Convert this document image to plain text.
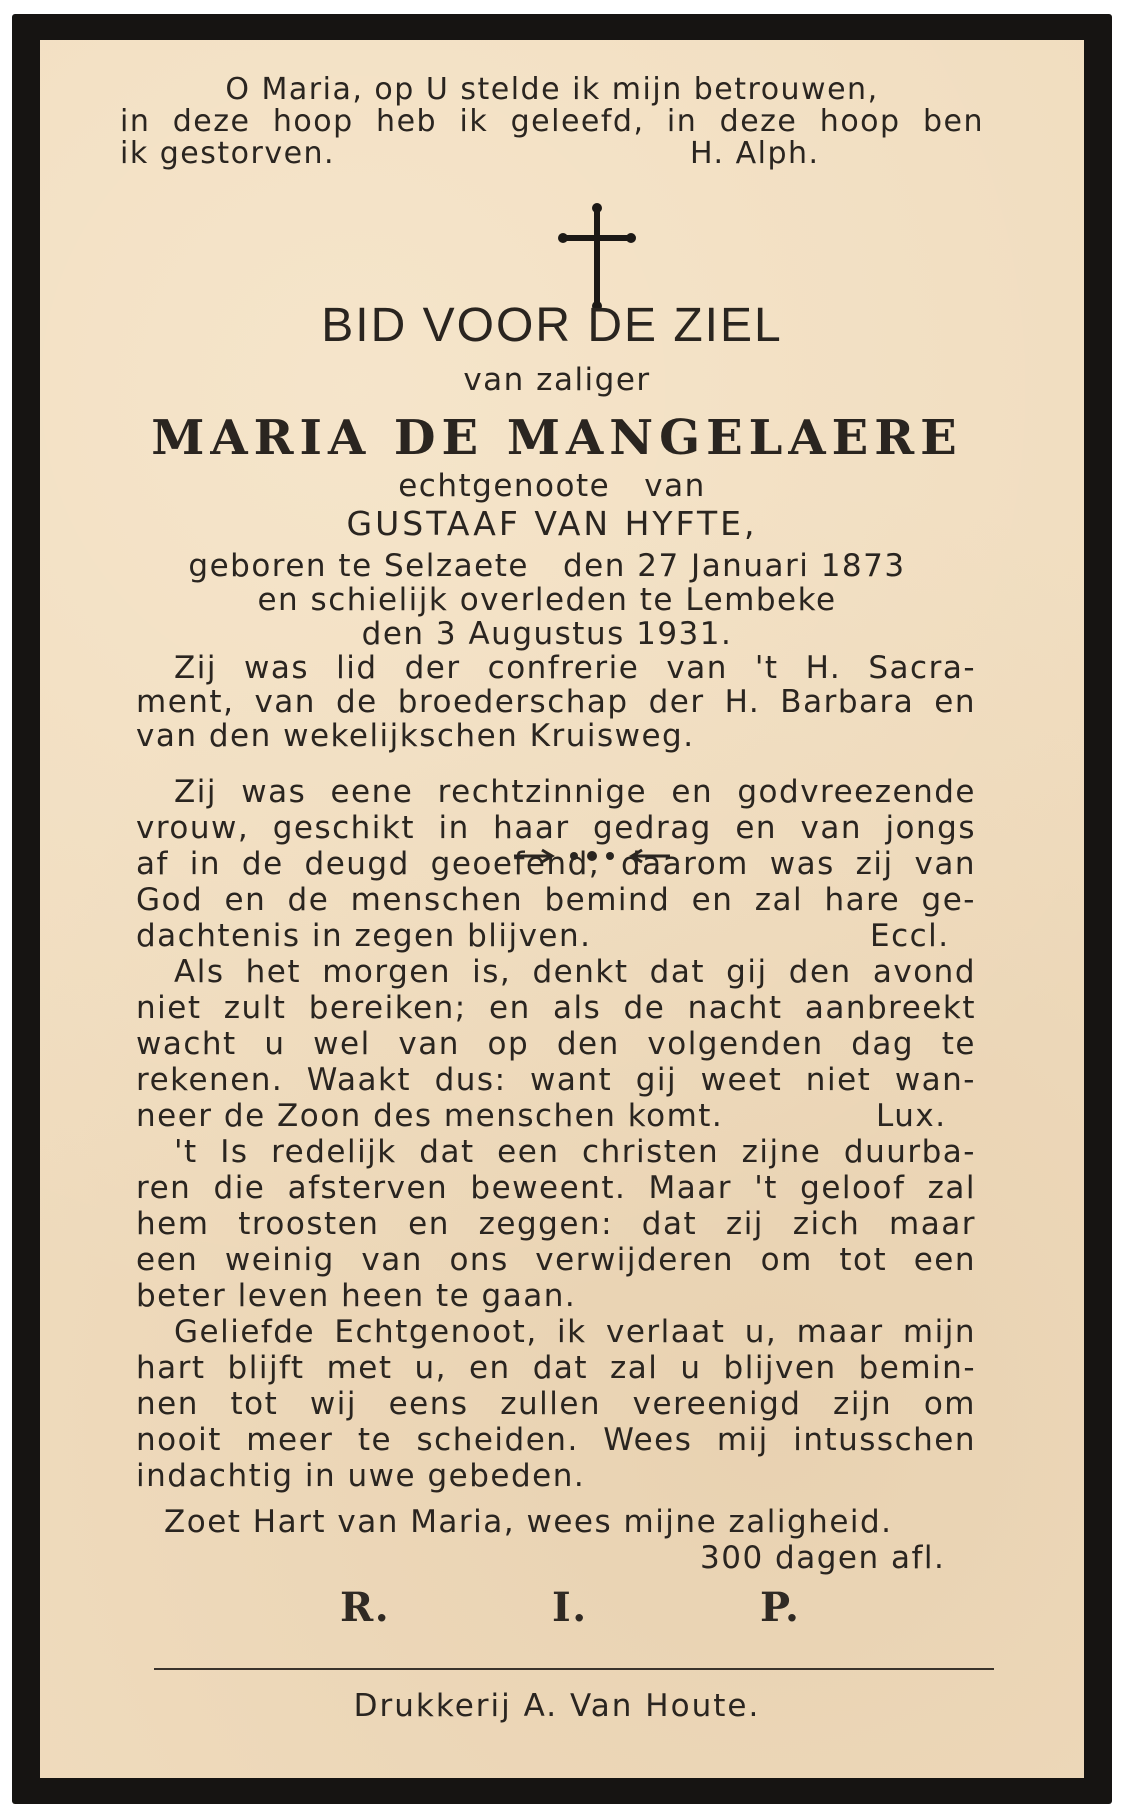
O Maria, op U stelde ik mijn betrouwen,
in deze hoop heb ik geleefd, in deze hoop ben
ik gestorven.	H. Alph.
BID VOOR DE ZIEL
van zaliger
MARIA DE MANGELAERE
echtgenoote   van
GUSTAAF VAN HYFTE,
geboren te Selzaete   den 27 Januari 1873
en schielijk overleden te Lembeke
den 3 Augustus 1931.
Zij was lid der confrerie van 't H. Sacra-
ment, van de broederschap der H. Barbara en
van den wekelijkschen Kruisweg.
Zij was eene rechtzinnige en godvreezende
vrouw, geschikt in haar gedrag en van jongs
af in de deugd geoefend, daarom was zij van
God en de menschen bemind en zal hare ge-
dachtenis in zegen blijven.	Eccl.
Als het morgen is, denkt dat gij den avond
niet zult bereiken; en als de nacht aanbreekt
wacht u wel van op den volgenden dag te
rekenen. Waakt dus: want gij weet niet wan-
neer de Zoon des menschen komt.	Lux.
't Is redelijk dat een christen zijne duurba-
ren die afsterven beweent. Maar 't geloof zal
hem troosten en zeggen: dat zij zich maar
een weinig van ons verwijderen om tot een
beter leven heen te gaan.
Geliefde Echtgenoot, ik verlaat u, maar mijn
hart blijft met u, en dat zal u blijven bemin-
nen tot wij eens zullen vereenigd zijn om
nooit meer te scheiden. Wees mij intusschen
indachtig in uwe gebeden.
Zoet Hart van Maria, wees mijne zaligheid.
300 dagen afl.
R.	I.	P.
Drukkerij A. Van Houte.
